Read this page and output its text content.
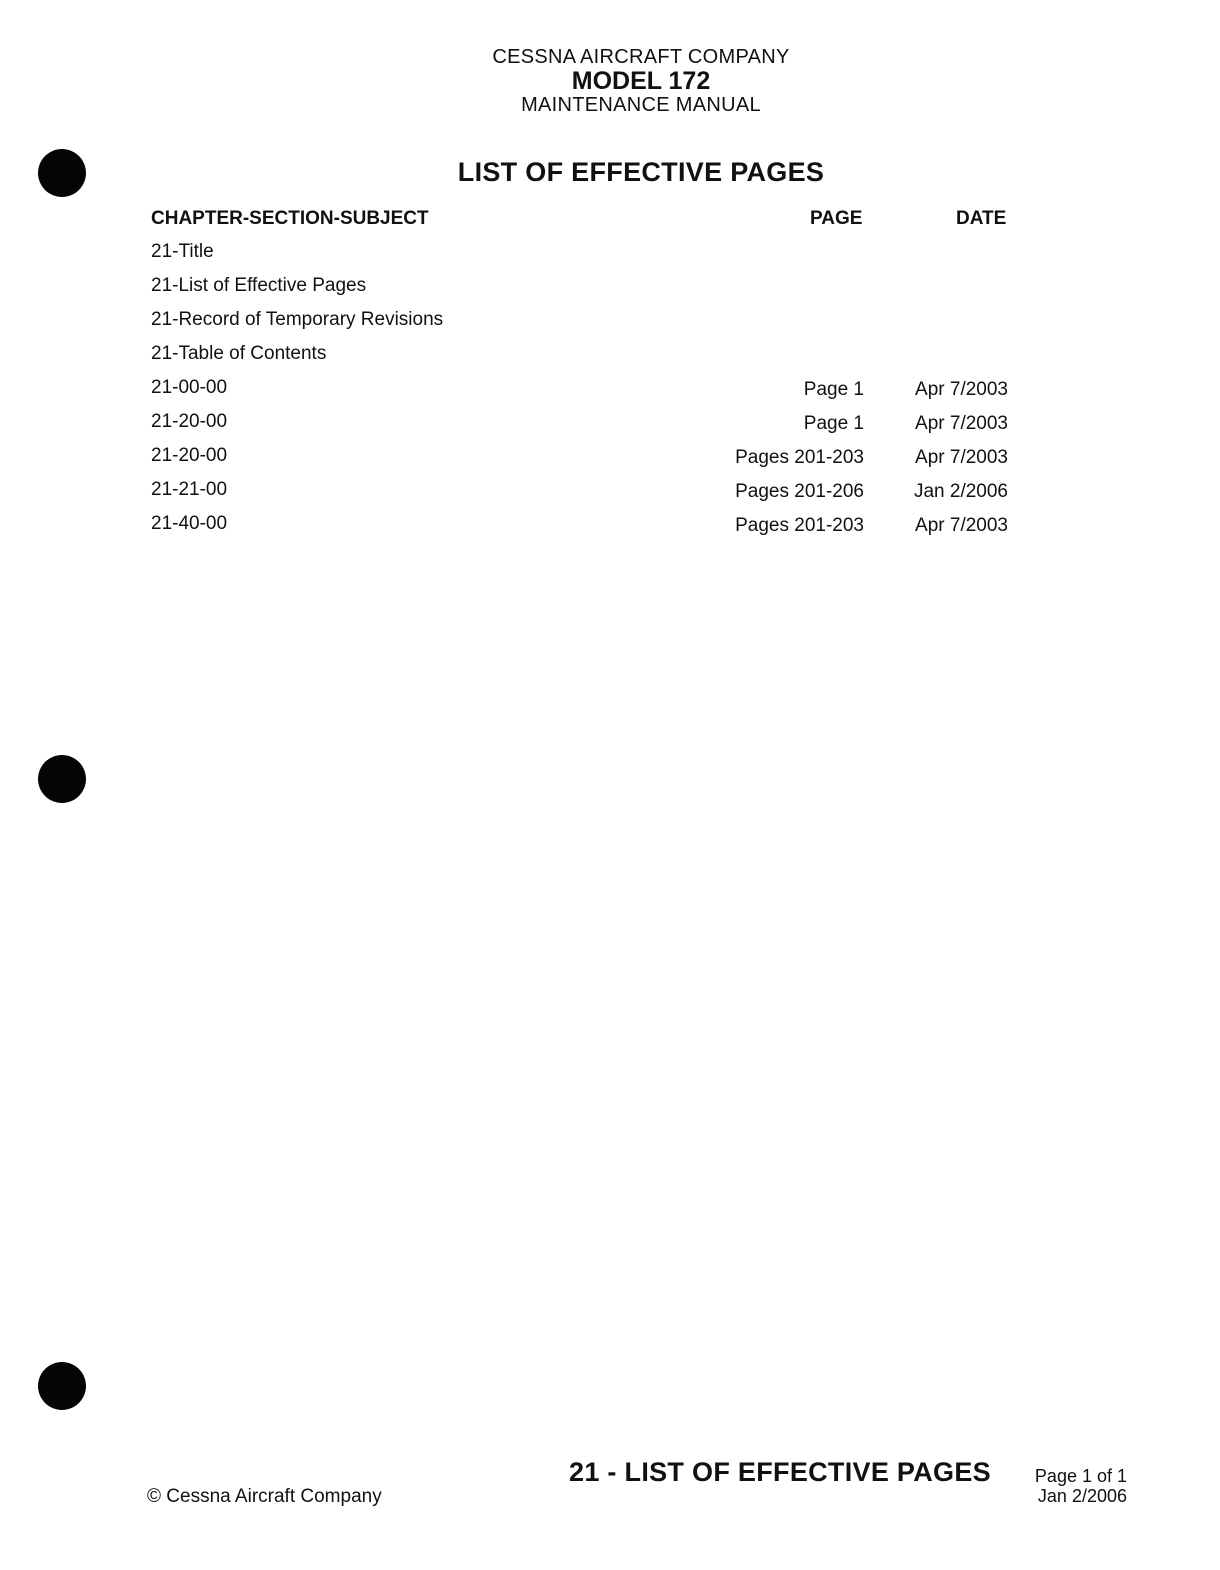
CESSNA AIRCRAFT COMPANY
MODEL 172
MAINTENANCE MANUAL
LIST OF EFFECTIVE PAGES
CHAPTER-SECTION-SUBJECT	PAGE	DATE
21-Title
21-List of Effective Pages
21-Record of Temporary Revisions
21-Table of Contents
21-00-00	Page 1	Apr 7/2003
21-20-00	Page 1	Apr 7/2003
21-20-00	Pages 201-203	Apr 7/2003
21-21-00	Pages 201-206	Jan 2/2006
21-40-00	Pages 201-203	Apr 7/2003
© Cessna Aircraft Company
21 - LIST OF EFFECTIVE PAGES	Page 1 of 1
Jan 2/2006
